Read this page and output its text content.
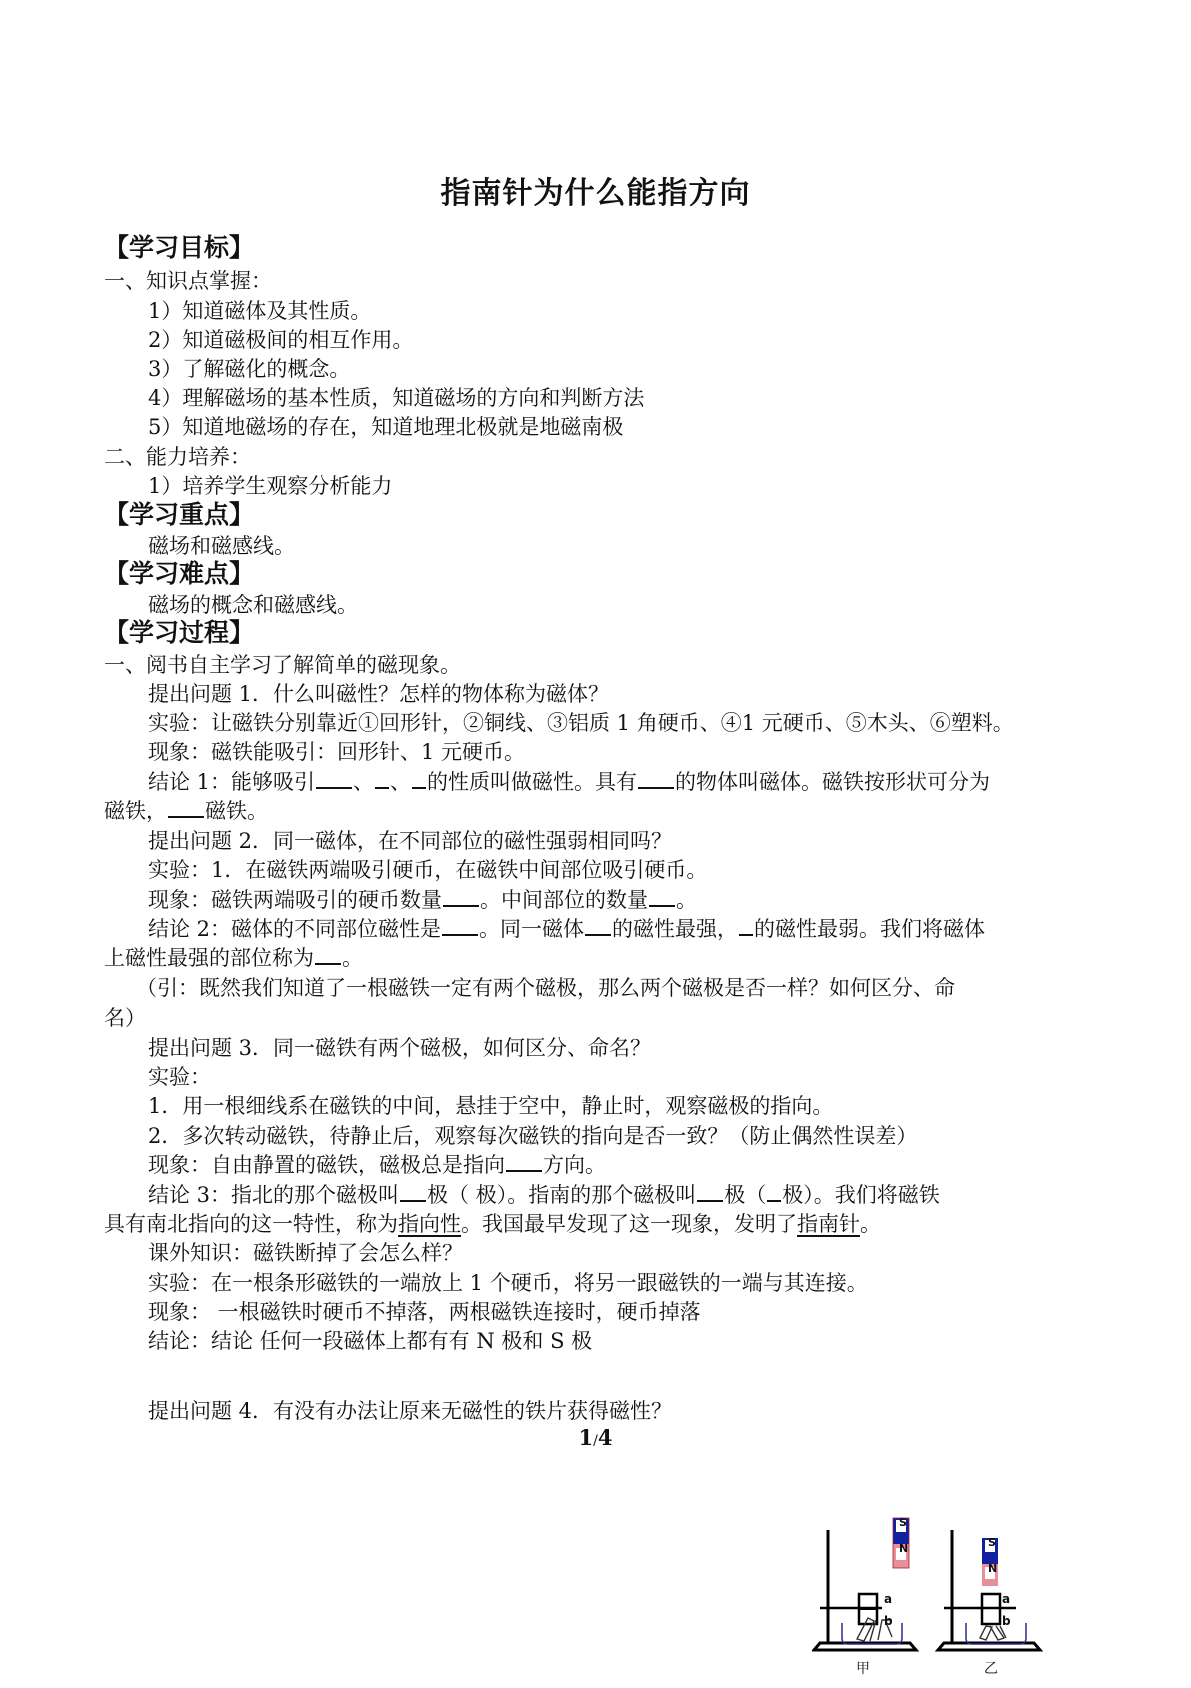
指南针为什么能指方向
【学习目标】
一、知识点掌握：
1）知道磁体及其性质。
2）知道磁极间的相互作用。
3）了解磁化的概念。
4）理解磁场的基本性质，知道磁场的方向和判断方法
5）知道地磁场的存在，知道地理北极就是地磁南极
二、能力培养：
1）培养学生观察分析能力
【学习重点】
磁场和磁感线。
【学习难点】
磁场的概念和磁感线。
【学习过程】
一、阅书自主学习了解简单的磁现象。
提出问题 1．什么叫磁性？怎样的物体称为磁体？
实验：让磁铁分别靠近①回形针，②铜线、③铝质 1 角硬币、④1 元硬币、⑤木头、⑥塑料。
现象：磁铁能吸引：回形针、1 元硬币。
结论 1：能够吸引 、 、 的性质叫做磁性。具有 的物体叫磁体。磁铁按形状可分为
磁铁， 磁铁。
提出问题 2．同一磁体，在不同部位的磁性强弱相同吗？
实验：1．在磁铁两端吸引硬币，在磁铁中间部位吸引硬币。
现象：磁铁两端吸引的硬币数量 。中间部位的数量 。
结论 2：磁体的不同部位磁性是 。同一磁体 的磁性最强， 的磁性最弱。我们将磁体
上磁性最强的部位称为 。
（引：既然我们知道了一根磁铁一定有两个磁极，那么两个磁极是否一样？如何区分、命
名）
提出问题 3．同一磁铁有两个磁极，如何区分、命名？
实验：
1．用一根细线系在磁铁的中间，悬挂于空中，静止时，观察磁极的指向。
2．多次转动磁铁，待静止后，观察每次磁铁的指向是否一致？（防止偶然性误差）
现象：自由静置的磁铁，磁极总是指向 方向。
结论 3：指北的那个磁极叫 极（ 极）。指南的那个磁极叫 极（ 极）。我们将磁铁
具有南北指向的这一特性，称为指向性。我国最早发现了这一现象，发明了指南针。
课外知识：磁铁断掉了会怎么样？
实验：在一根条形磁铁的一端放上 1 个硬币，将另一跟磁铁的一端与其连接。
现象： 一根磁铁时硬币不掉落，两根磁铁连接时，硬币掉落
结论：结论 任何一段磁体上都有有 N 极和 S 极
提出问题 4．有没有办法让原来无磁性的铁片获得磁性？
1/4
S
N
a
b
甲
S
N
a
b
乙
